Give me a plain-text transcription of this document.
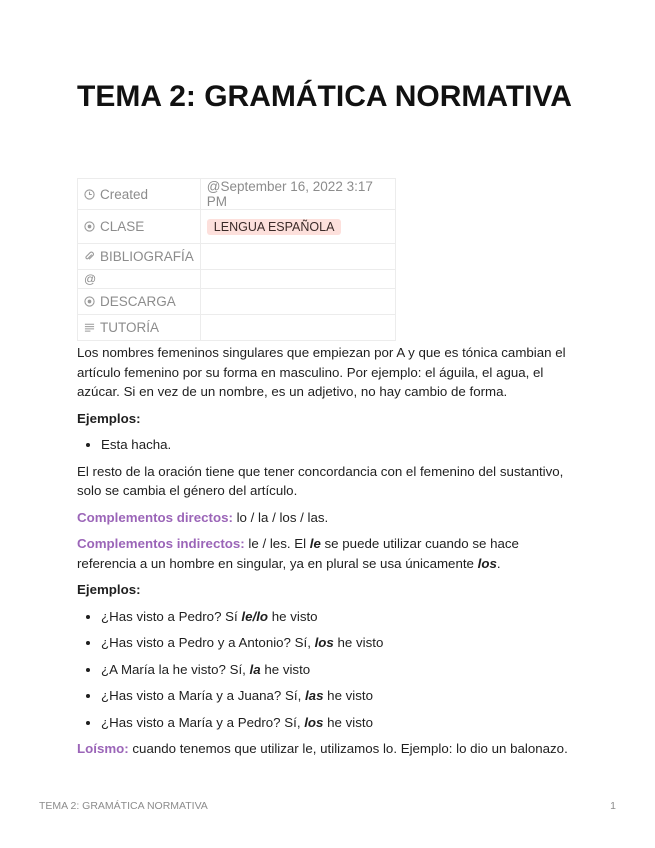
TEMA 2: GRAMÁTICA NORMATIVA
Created	@September 16, 2022 3:17 PM

CLASE	LENGUA ESPAÑOLA

BIBLIOGRAFÍA	
@	

DESCARGA	

TUTORÍA	

Los nombres femeninos singulares que empiezan por A y que es tónica cambian el artículo femenino por su forma en masculino. Por ejemplo: el águila, el agua, el azúcar. Si en vez de un nombre, es un adjetivo, no hay cambio de forma.

Ejemplos:

• Esta hacha.

El resto de la oración tiene que tener concordancia con el femenino del sustantivo, solo se cambia el género del artículo.

Complementos directos: lo / la / los / las.

Complementos indirectos: le / les. El le se puede utilizar cuando se hace referencia a un hombre en singular, ya en plural se usa únicamente los.

Ejemplos:

• ¿Has visto a Pedro? Sí le/lo he visto
• ¿Has visto a Pedro y a Antonio? Sí, los he visto
• ¿A María la he visto? Sí, la he visto
• ¿Has visto a María y a Juana? Sí, las he visto
• ¿Has visto a María y a Pedro? Sí, los he visto

Loísmo: cuando tenemos que utilizar le, utilizamos lo. Ejemplo: lo dio un balonazo.

TEMA 2: GRAMÁTICA NORMATIVA	1
